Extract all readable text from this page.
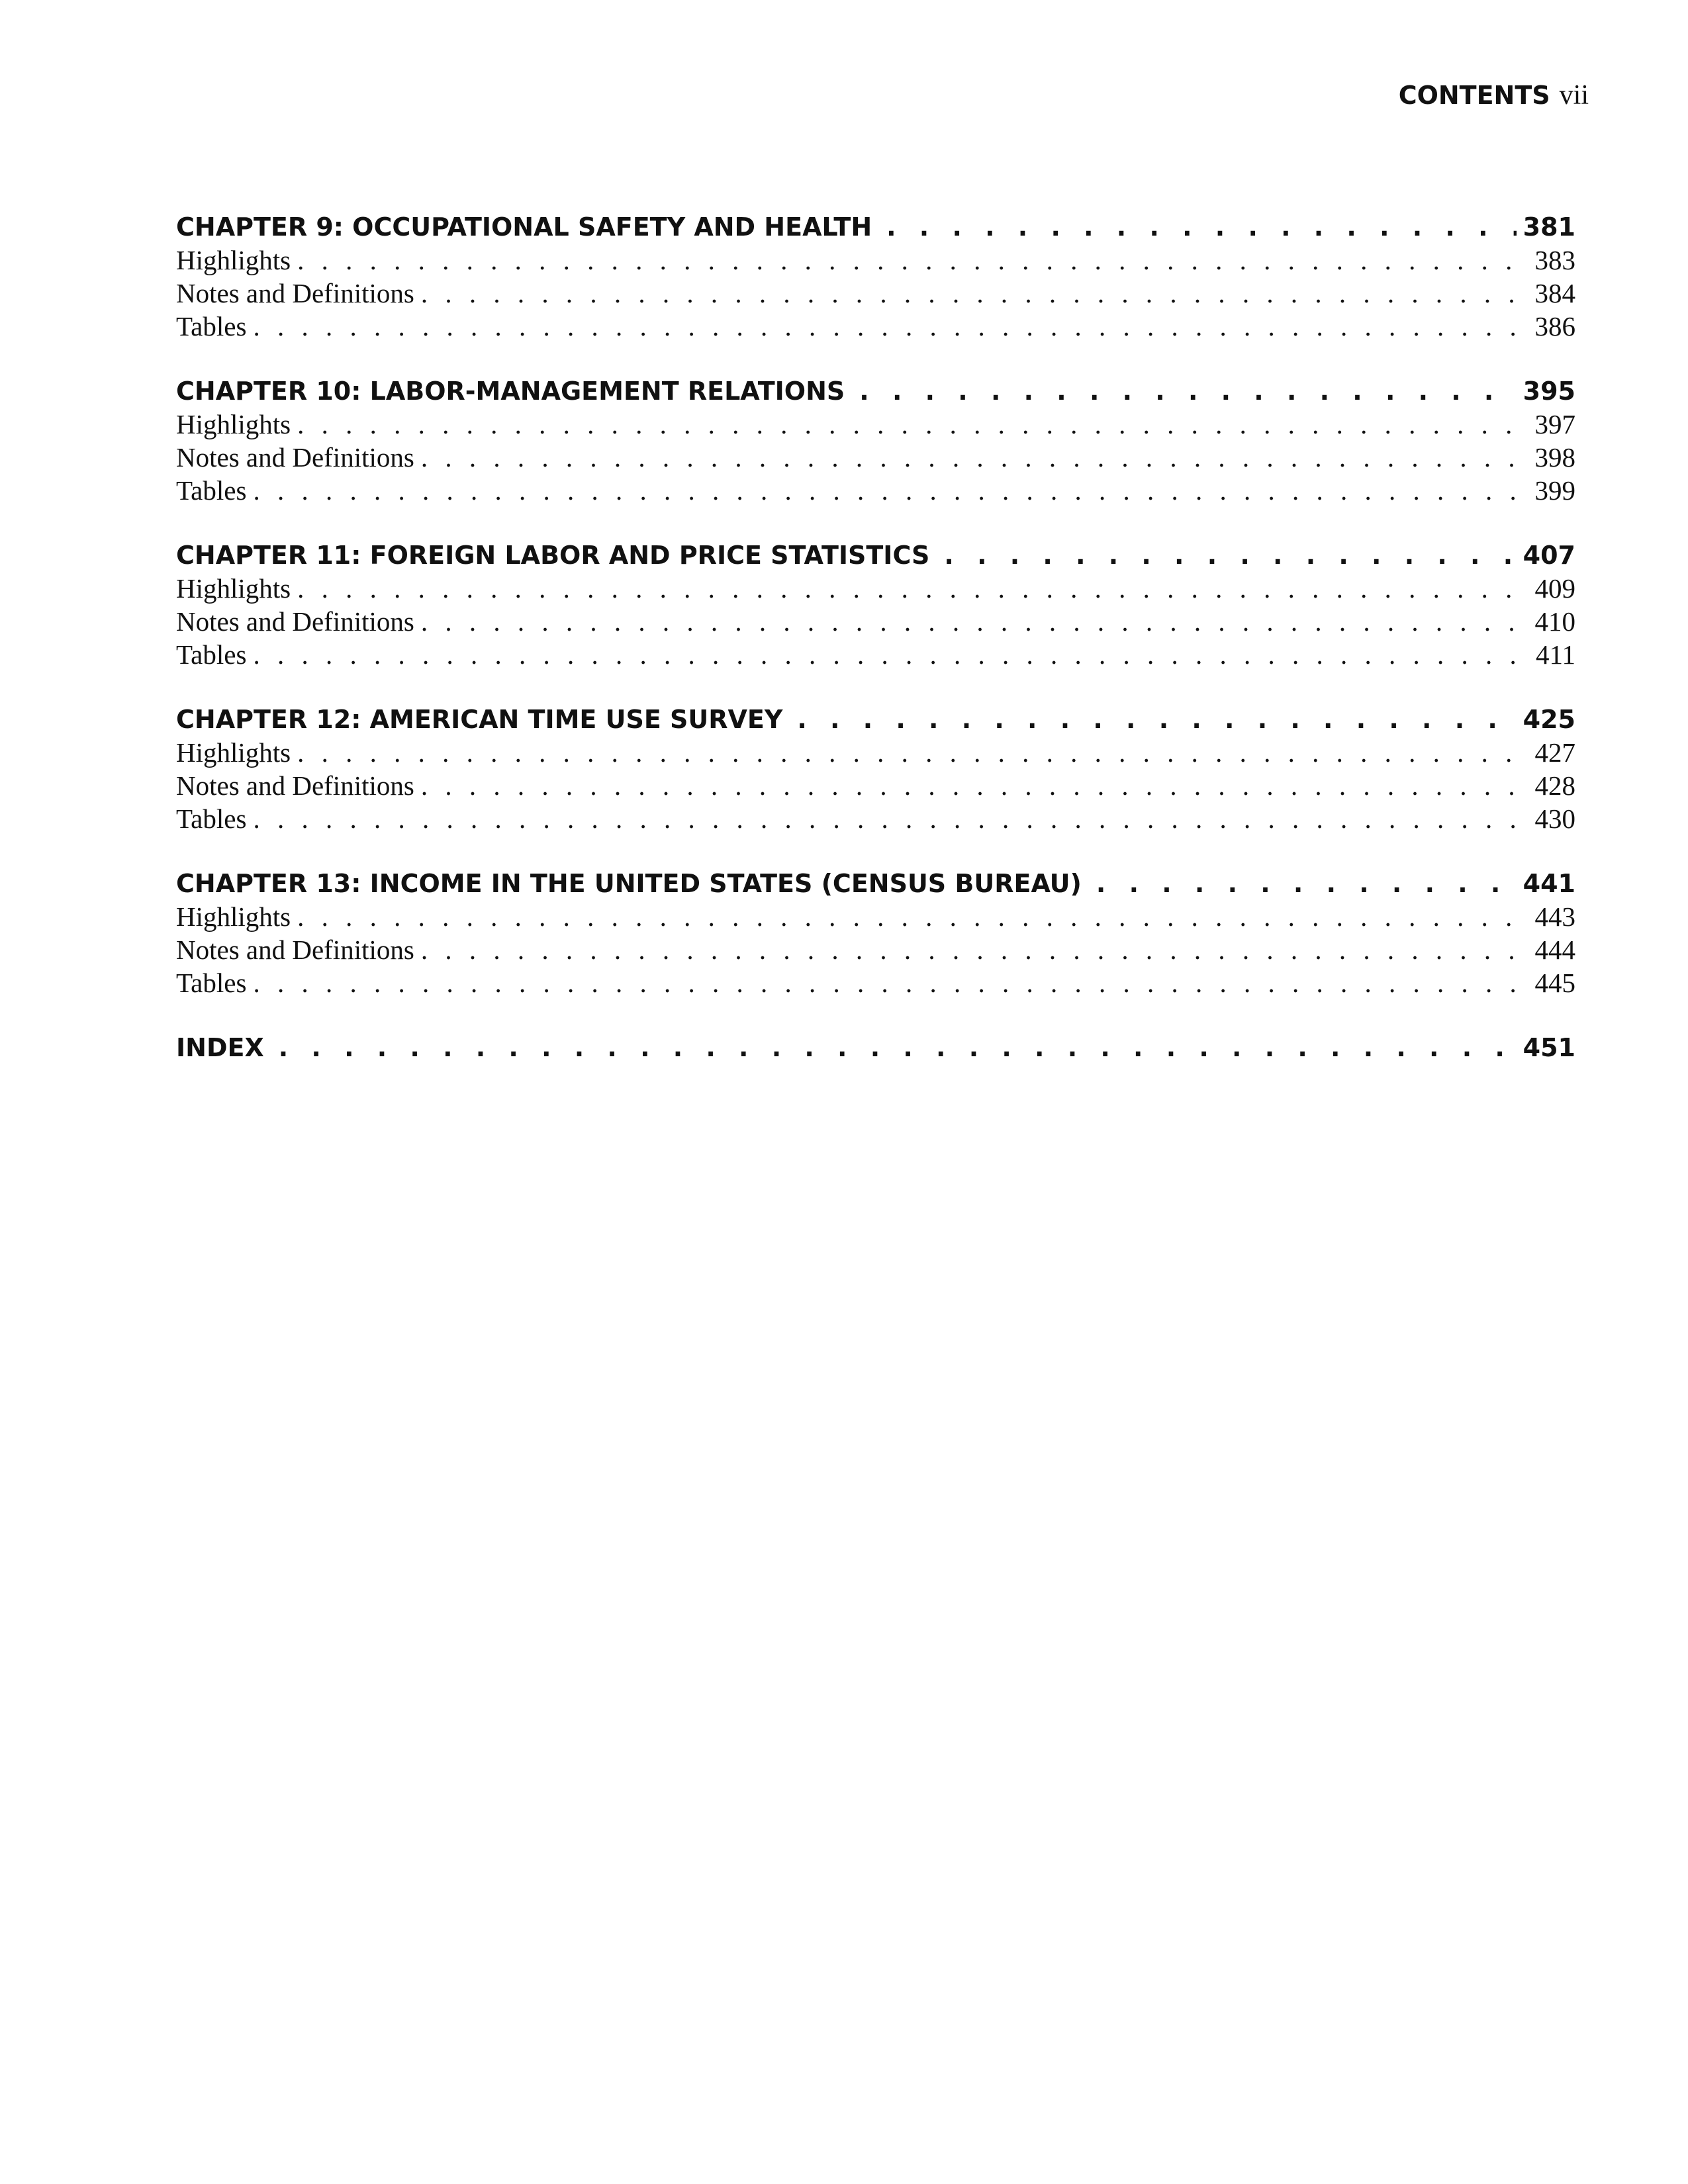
CONTENTS vii
CHAPTER 9: OCCUPATIONAL SAFETY AND HEALTH . . .	381
Highlights . . .	383
Notes and Definitions . . .	384
Tables . . .	386
CHAPTER 10: LABOR-MANAGEMENT RELATIONS . . .	395
Highlights . . .	397
Notes and Definitions . . .	398
Tables . . .	399
CHAPTER 11: FOREIGN LABOR AND PRICE STATISTICS . . .	407
Highlights . . .	409
Notes and Definitions . . .	410
Tables . . .	411
CHAPTER 12: AMERICAN TIME USE SURVEY . . .	425
Highlights . . .	427
Notes and Definitions . . .	428
Tables . . .	430
CHAPTER 13: INCOME IN THE UNITED STATES (CENSUS BUREAU) . . .	441
Highlights . . .	443
Notes and Definitions . . .	444
Tables . . .	445
INDEX . . .	451
